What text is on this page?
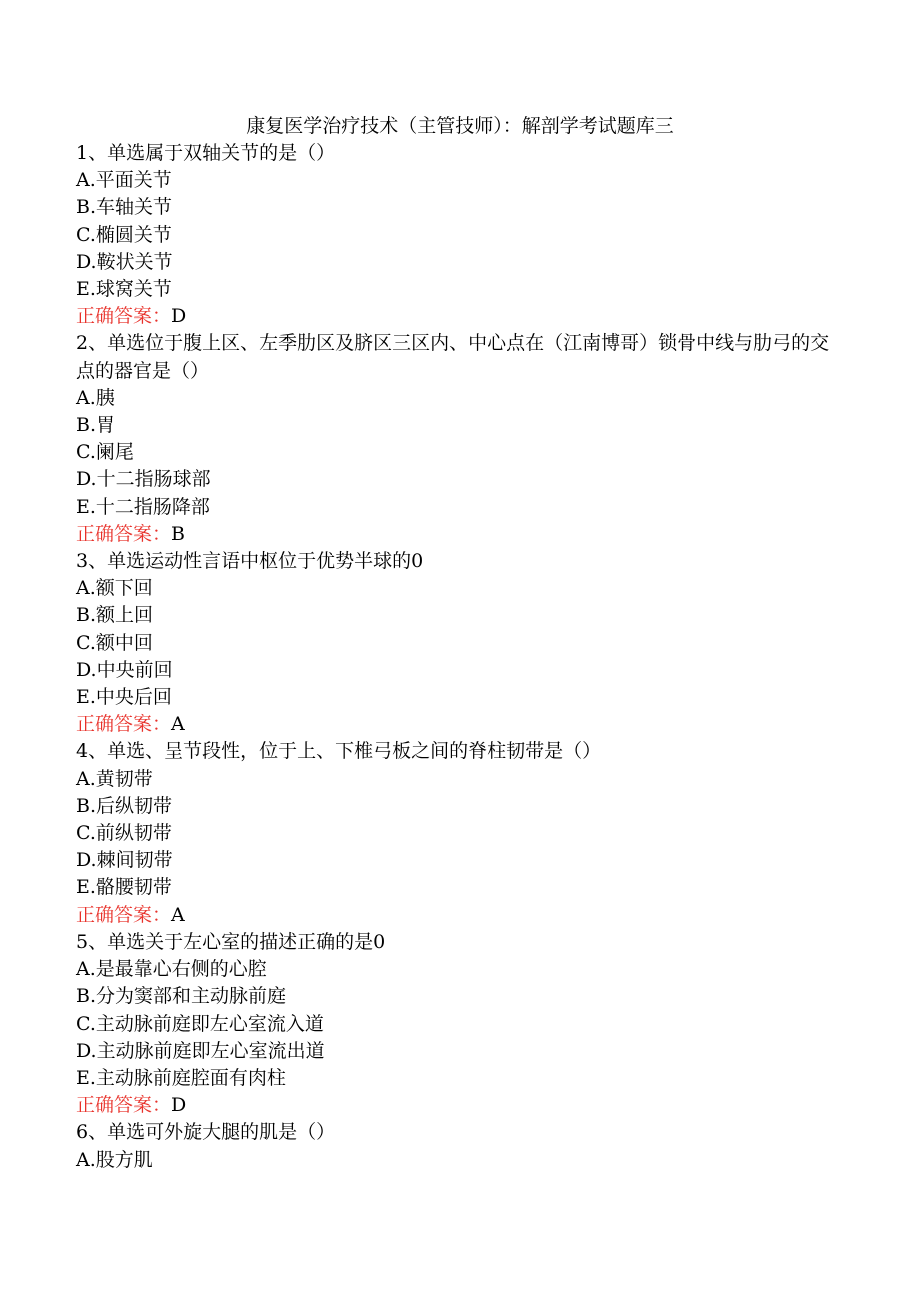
康复医学治疗技术（主管技师）：解剖学考试题库三

1、单选属于双轴关节的是（）

A.平面关节

B.车轴关节

C.椭圆关节

D.鞍状关节

E.球窝关节

正确答案：D

2、单选位于腹上区、左季肋区及脐区三区内、中心点在（江南博哥）锁骨中线与肋弓的交点的器官是（）

A.胰

B.胃

C.阑尾

D.十二指肠球部

E.十二指肠降部

正确答案：B

3、单选运动性言语中枢位于优势半球的0

A.额下回

B.额上回

C.额中回

D.中央前回

E.中央后回

正确答案：A

4、单选、呈节段性，位于上、下椎弓板之间的脊柱韧带是（）

A.黄韧带

B.后纵韧带

C.前纵韧带

D.棘间韧带

E.骼腰韧带

正确答案：A

5、单选关于左心室的描述正确的是0

A.是最靠心右侧的心腔

B.分为窦部和主动脉前庭

C.主动脉前庭即左心室流入道

D.主动脉前庭即左心室流出道

E.主动脉前庭腔面有肉柱

正确答案：D

6、单选可外旋大腿的肌是（）

A.股方肌
